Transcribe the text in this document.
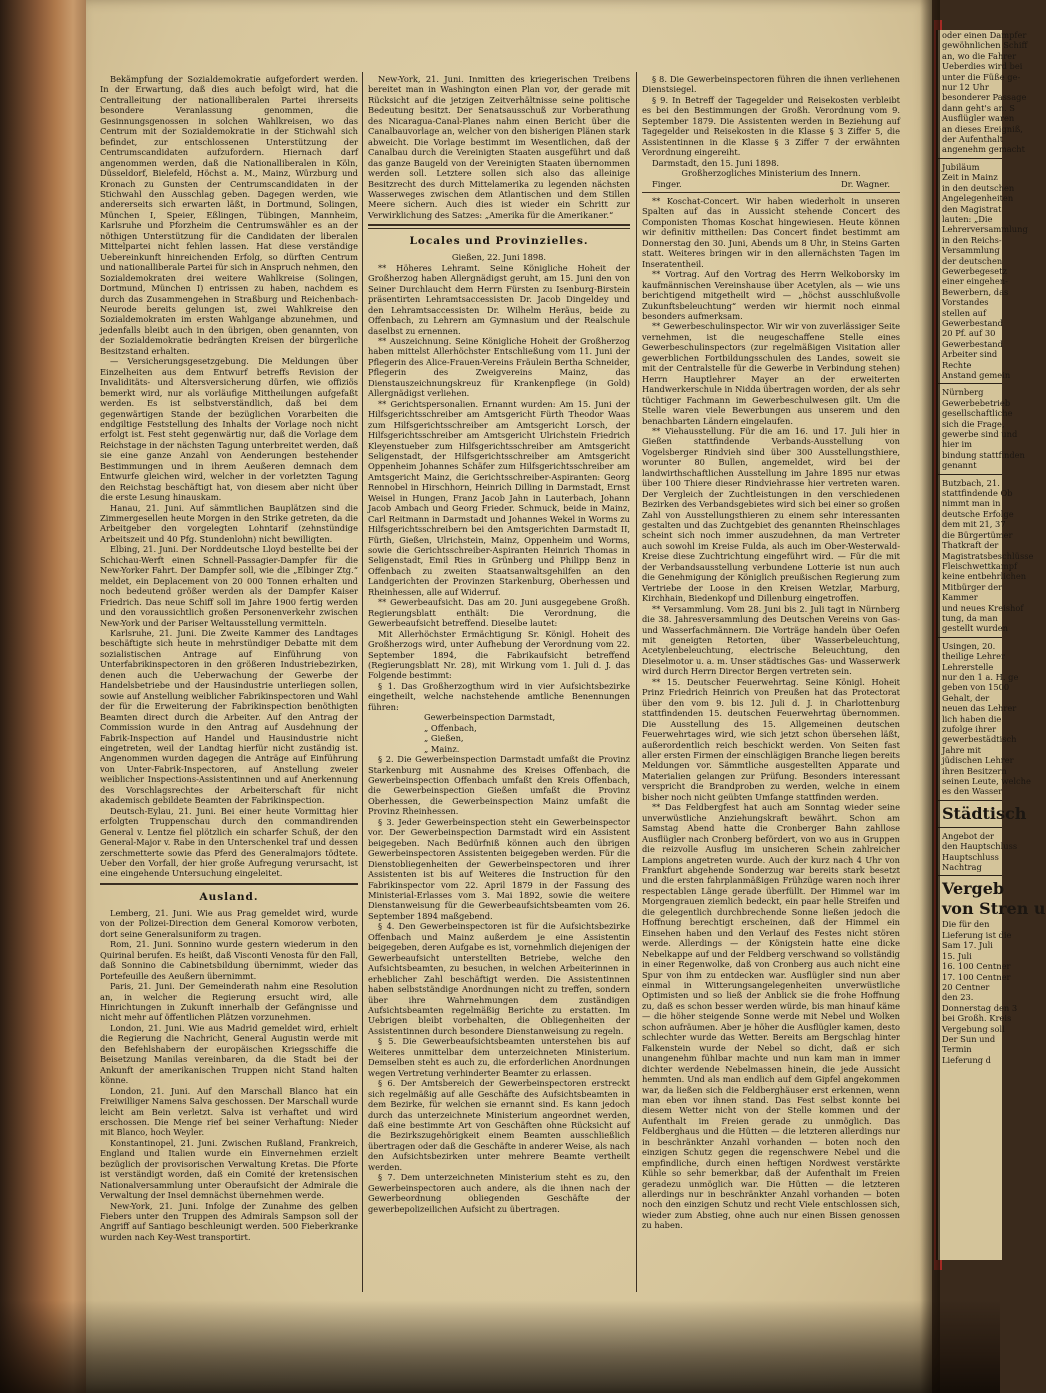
oder einen Dampfer
gewöhnlichen Schiff
an, wo die Fahrer
Ueberdies wird bei
unter die Füße ge-
nur 12 Uhr
besonderer Passage
dann geht's an. S
Ausflügler waren
an dieses Ereigniß,
der Aufenthalt
angenehm gemacht
Jubiläum
Zeit in Mainz
in den deutschen
Angelegenheiten
den Magistrat
lauten: „Die
Lehrerversammlung
in den Reichs-
Versammlung
der deutschen
Gewerbegesetz
einer eingehen-
Bewerbern, das
Vorstandes
stellen auf
Gewerbestand
20 Pf. auf 30
Gewerbestand
Arbeiter sind
Rechte
Anstand gemein
Nürnberg
Gewerbebetrieb
gesellschaftliche
sich die Frage,
gewerbe sind und
hier im
bindung stattfinden
genannt
Butzbach, 21.
stattfindende Ob
nimmt man in
deutsche Erfolge
dem mit 21, 37
die Bürgertümer
Thatkraft der
Magistratsbeschlüsse
Fleischwettkampf
keine entbehrlichen
Mitbürger der
Kammer
und neues Kreishof
tung, da man
gestellt wurden
Usingen, 20.
theilige Lehrer
Lehrerstelle
nur den 1 a. H. ge
geben von 1500
Gehalt, der
neuen das Lehrer
lich haben die
zufolge ihrer
gewerbestädtisch
Jahre mit
jüdischen Lehrer
ihren Besitzern
seinen Leute, welche
es den Wasser
Städtisch
Angebot der
den Hauptschluss
Hauptschluss
Nachtrag
Vergeb
von Stren u
Die für den
Lieferung ist die
Sam 17. Juli
15. Juli
16. 100 Centner
17. 100 Centner
20 Centner
den 23.
Donnerstag den 3
bei Großh. Kreis
Vergebung soll
Der Sun und
Termin
Lieferung d

Bekämpfung der Sozialdemokratie aufgefordert werden. In der Erwartung, daß dies auch befolgt wird, hat die Centralleitung der nationalliberalen Partei ihrerseits besondere Veranlassung genommen, die Gesinnungsgenossen in solchen Wahlkreisen, wo das Centrum mit der Sozialdemokratie in der Stichwahl sich befindet, zur entschlossenen Unterstützung der Centrumscandidaten aufzufordern. Hiernach darf angenommen werden, daß die Nationalliberalen in Köln, Düsseldorf, Bielefeld, Höchst a. M., Mainz, Würzburg und Kronach zu Gunsten der Centrumscandidaten in der Stichwahl den Ausschlag geben. Dagegen werden, wie andererseits sich erwarten läßt, in Dortmund, Solingen, München I, Speier, Eßlingen, Tübingen, Mannheim, Karlsruhe und Pforzheim die Centrumswähler es an der nöthigen Unterstützung für die Candidaten der liberalen Mittelpartei nicht fehlen lassen. Hat diese verständige Uebereinkunft hinreichenden Erfolg, so dürften Centrum und nationalliberale Partei für sich in Anspruch nehmen, den Sozialdemokraten drei weitere Wahlkreise (Solingen, Dortmund, München I) entrissen zu haben, nachdem es durch das Zusammengehen in Straßburg und Reichenbach-Neurode bereits gelungen ist, zwei Wahlkreise den Sozialdemokraten im ersten Wahlgange abzunehmen, und jedenfalls bleibt auch in den übrigen, oben genannten, von der Sozialdemokratie bedrängten Kreisen der bürgerliche Besitzstand erhalten.

— Versicherungsgesetzgebung. Die Meldungen über Einzelheiten aus dem Entwurf betreffs Revision der Invaliditäts- und Altersversicherung dürfen, wie offiziös bemerkt wird, nur als vorläufige Mittheilungen aufgefaßt werden. Es ist selbstverständlich, daß bei dem gegenwärtigen Stande der bezüglichen Vorarbeiten die endgiltige Feststellung des Inhalts der Vorlage noch nicht erfolgt ist. Fest steht gegenwärtig nur, daß die Vorlage dem Reichstage in der nächsten Tagung unterbreitet werden, daß sie eine ganze Anzahl von Aenderungen bestehender Bestimmungen und in ihrem Aeußeren demnach dem Entwurfe gleichen wird, welcher in der vorletzten Tagung den Reichstag beschäftigt hat, von diesem aber nicht über die erste Lesung hinauskam.

Hanau, 21. Juni. Auf sämmtlichen Bauplätzen sind die Zimmergesellen heute Morgen in den Strike getreten, da die Arbeitgeber den vorgelegten Lohntarif (zehnstündige Arbeitszeit und 40 Pfg. Stundenlohn) nicht bewilligten.

Elbing, 21. Juni. Der Norddeutsche Lloyd bestellte bei der Schichau-Werft einen Schnell-Passagier-Dampfer für die New-Yorker Fahrt. Der Dampfer soll, wie die „Elbinger Ztg.“ meldet, ein Deplacement von 20 000 Tonnen erhalten und noch bedeutend größer werden als der Dampfer Kaiser Friedrich. Das neue Schiff soll im Jahre 1900 fertig werden und den voraussichtlich großen Personenverkehr zwischen New-York und der Pariser Weltausstellung vermitteln.

Karlsruhe, 21. Juni. Die Zweite Kammer des Landtages beschäftigte sich heute in mehrstündiger Debatte mit dem sozialistischen Antrage auf Einführung von Unterfabrikinspectoren in den größeren Industriebezirken, denen auch die Ueberwachung der Gewerbe der Handelsbetriebe und der Hausindustrie unterliegen sollen, sowie auf Anstellung weiblicher Fabrikinspectoren und Wahl der für die Erweiterung der Fabrikinspection benöthigten Beamten direct durch die Arbeiter. Auf den Antrag der Commission wurde in den Antrag auf Ausdehnung der Fabrik-Inspection auf Handel und Hausindustrie nicht eingetreten, weil der Landtag hierfür nicht zuständig ist. Angenommen wurden dagegen die Anträge auf Einführung von Unter-Fabrik-Inspectoren, auf Anstellung zweier weiblicher Inspections-Assistentinnen und auf Anerkennung des Vorschlagsrechtes der Arbeiterschaft für nicht akademisch gebildete Beamten der Fabrikinspection.

Deutsch-Eylau, 21. Juni. Bei einer heute Vormittag hier erfolgten Truppenschau durch den commandirenden General v. Lentze fiel plötzlich ein scharfer Schuß, der den General-Major v. Rabe in den Unterschenkel traf und dessen zerschmetterte sowie das Pferd des Generalmajors tödtete. Ueber den Vorfall, der hier große Aufregung verursacht, ist eine eingehende Untersuchung eingeleitet.

Ausland.

Lemberg, 21. Juni. Wie aus Prag gemeldet wird, wurde von der Polizei-Direction dem General Komorow verboten, dort seine Generalsuniform zu tragen.

Rom, 21. Juni. Sonnino wurde gestern wiederum in den Quirinal berufen. Es heißt, daß Visconti Venosta für den Fall, daß Sonnino die Cabinetsbildung übernimmt, wieder das Portefeuille des Aeußern übernimmt.

Paris, 21. Juni. Der Gemeinderath nahm eine Resolution an, in welcher die Regierung ersucht wird, alle Hinrichtungen in Zukunft innerhalb der Gefängnisse und nicht mehr auf öffentlichen Plätzen vorzunehmen.

London, 21. Juni. Wie aus Madrid gemeldet wird, erhielt die Regierung die Nachricht, General Augustin werde mit den Befehlshabern der europäischen Kriegsschiffe die Beisetzung Manilas vereinbaren, da die Stadt bei der Ankunft der amerikanischen Truppen nicht Stand halten könne.

London, 21. Juni. Auf den Marschall Blanco hat ein Freiwilliger Namens Salva geschossen. Der Marschall wurde leicht am Bein verletzt. Salva ist verhaftet und wird erschossen. Die Menge rief bei seiner Verhaftung: Nieder mit Blanco, hoch Weyler.

Konstantinopel, 21. Juni. Zwischen Rußland, Frankreich, England und Italien wurde ein Einvernehmen erzielt bezüglich der provisorischen Verwaltung Kretas. Die Pforte ist verständigt worden, daß ein Comité der kretensischen Nationalversammlung unter Oberaufsicht der Admirale die Verwaltung der Insel demnächst übernehmen werde.

New-York, 21. Juni. Infolge der Zunahme des gelben Fiebers unter den Truppen des Admirals Sampson soll der Angriff auf Santiago beschleunigt werden. 500 Fieberkranke wurden nach Key-West transportirt.

New-York, 21. Juni. Inmitten des kriegerischen Treibens bereitet man in Washington einen Plan vor, der gerade mit Rücksicht auf die jetzigen Zeitverhältnisse seine politische Bedeutung besitzt. Der Senatsausschuß zur Vorberathung des Nicaragua-Canal-Planes nahm einen Bericht über die Canalbauvorlage an, welcher von den bisherigen Plänen stark abweicht. Die Vorlage bestimmt im Wesentlichen, daß der Canalbau durch die Vereinigten Staaten ausgeführt und daß das ganze Baugeld von der Vereinigten Staaten übernommen werden soll. Letztere sollen sich also das alleinige Besitzrecht des durch Mittelamerika zu legenden nächsten Wasserweges zwischen dem Atlantischen und dem Stillen Meere sichern. Auch dies ist wieder ein Schritt zur Verwirklichung des Satzes: „Amerika für die Amerikaner.“

Locales und Provinzielles.

Gießen, 22. Juni 1898.

** Höheres Lehramt. Seine Königliche Hoheit der Großherzog haben Allergnädigst geruht, am 15. Juni den von Seiner Durchlaucht dem Herrn Fürsten zu Isenburg-Birstein präsentirten Lehramtsaccessisten Dr. Jacob Dingeldey und den Lehramtsaccessisten Dr. Wilhelm Heräus, beide zu Offenbach, zu Lehrern am Gymnasium und der Realschule daselbst zu ernennen.

** Auszeichnung. Seine Königliche Hoheit der Großherzog haben mittelst Allerhöchster Entschließung vom 11. Juni der Pflegerin des Alice-Frauen-Vereins Fräulein Bertha Schneider, Pflegerin des Zweigvereins Mainz, das Dienstauszeichnungskreuz für Krankenpflege (in Gold) Allergnädigst verliehen.

** Gerichtspersonalien. Ernannt wurden: Am 15. Juni der Hilfsgerichtsschreiber am Amtsgericht Fürth Theodor Waas zum Hilfsgerichtsschreiber am Amtsgericht Lorsch, der Hilfsgerichtsschreiber am Amtsgericht Ulrichstein Friedrich Kleyenstueber zum Hilfsgerichtsschreiber am Amtsgericht Seligenstadt, der Hilfsgerichtsschreiber am Amtsgericht Oppenheim Johannes Schäfer zum Hilfsgerichtsschreiber am Amtsgericht Mainz, die Gerichtsschreiber-Aspiranten: Georg Rennobel in Hirschhorn, Heinrich Dilling in Darmstadt, Ernst Weisel in Hungen, Franz Jacob Jahn in Lauterbach, Johann Jacob Ambach und Georg Frieder. Schmuck, beide in Mainz, Carl Reitmann in Darmstadt und Johannes Wekel in Worms zu Hilfsgerichtsschreibern bei den Amtsgerichten Darmstadt II, Fürth, Gießen, Ulrichstein, Mainz, Oppenheim und Worms, sowie die Gerichtsschreiber-Aspiranten Heinrich Thomas in Seligenstadt, Emil Ries in Grünberg und Philipp Benz in Offenbach zu zweiten Staatsanwaltsgehilfen an den Landgerichten der Provinzen Starkenburg, Oberhessen und Rheinhessen, alle auf Widerruf.

** Gewerbeaufsicht. Das am 20. Juni ausgegebene Großh. Regierungsblatt enthält: Die Verordnung, die Gewerbeaufsicht betreffend. Dieselbe lautet:

Mit Allerhöchster Ermächtigung Sr. Königl. Hoheit des Großherzogs wird, unter Aufhebung der Verordnung vom 22. September 1894, die Fabrikaufsicht betreffend (Regierungsblatt Nr. 28), mit Wirkung vom 1. Juli d. J. das Folgende bestimmt:

§ 1. Das Großherzogthum wird in vier Aufsichtsbezirke eingetheilt, welche nachstehende amtliche Benennungen führen:

Gewerbeinspection Darmstadt,

„ Offenbach,

„ Gießen,

„ Mainz.

§ 2. Die Gewerbeinspection Darmstadt umfaßt die Provinz Starkenburg mit Ausnahme des Kreises Offenbach, die Gewerbeinspection Offenbach umfaßt den Kreis Offenbach, die Gewerbeinspection Gießen umfaßt die Provinz Oberhessen, die Gewerbeinspection Mainz umfaßt die Provinz Rheinhessen.

§ 3. Jeder Gewerbeinspection steht ein Gewerbeinspector vor. Der Gewerbeinspection Darmstadt wird ein Assistent beigegeben. Nach Bedürfniß können auch den übrigen Gewerbeinspectoren Assistenten beigegeben werden. Für die Dienstobliegenheiten der Gewerbeinspectoren und ihrer Assistenten ist bis auf Weiteres die Instruction für den Fabrikinspector vom 22. April 1879 in der Fassung des Ministerial-Erlasses vom 3. Mai 1892, sowie die weitere Dienstanweisung für die Gewerbeaufsichtsbeamten vom 26. September 1894 maßgebend.

§ 4. Den Gewerbeinspectoren ist für die Aufsichtsbezirke Offenbach und Mainz außerdem je eine Assistentin beigegeben, deren Aufgabe es ist, vornehmlich diejenigen der Gewerbeaufsicht unterstellten Betriebe, welche den Aufsichtsbeamten, zu besuchen, in welchen Arbeiterinnen in erheblicher Zahl beschäftigt werden. Die Assistentinnen haben selbstständige Anordnungen nicht zu treffen, sondern über ihre Wahrnehmungen dem zuständigen Aufsichtsbeamten regelmäßig Berichte zu erstatten. Im Uebrigen bleibt vorbehalten, die Obliegenheiten der Assistentinnen durch besondere Dienstanweisung zu regeln.

§ 5. Die Gewerbeaufsichtsbeamten unterstehen bis auf Weiteres unmittelbar dem unterzeichneten Ministerium. Demselben steht es auch zu, die erforderlichen Anordnungen wegen Vertretung verhinderter Beamter zu erlassen.

§ 6. Der Amtsbereich der Gewerbeinspectoren erstreckt sich regelmäßig auf alle Geschäfte des Aufsichtsbeamten in dem Bezirke, für welchen sie ernannt sind. Es kann jedoch durch das unterzeichnete Ministerium angeordnet werden, daß eine bestimmte Art von Geschäften ohne Rücksicht auf die Bezirkszugehörigkeit einem Beamten ausschließlich übertragen oder daß die Geschäfte in anderer Weise, als nach den Aufsichtsbezirken unter mehrere Beamte vertheilt werden.

§ 7. Dem unterzeichneten Ministerium steht es zu, den Gewerbeinspectoren auch andere, als die ihnen nach der Gewerbeordnung obliegenden Geschäfte der gewerbepolizeilichen Aufsicht zu übertragen.

§ 8. Die Gewerbeinspectoren führen die ihnen verliehenen Dienstsiegel.

§ 9. In Betreff der Tagegelder und Reisekosten verbleibt es bei den Bestimmungen der Großh. Verordnung vom 9. September 1879. Die Assistenten werden in Beziehung auf Tagegelder und Reisekosten in die Klasse § 3 Ziffer 5, die Assistentinnen in die Klasse § 3 Ziffer 7 der erwähnten Verordnung eingereiht.

Darmstadt, den 15. Juni 1898.

Großherzogliches Ministerium des Innern.

Finger.	Dr. Wagner.

** Koschat-Concert. Wir haben wiederholt in unseren Spalten auf das in Aussicht stehende Concert des Componisten Thomas Koschat hingewiesen. Heute können wir definitiv mittheilen: Das Concert findet bestimmt am Donnerstag den 30. Juni, Abends um 8 Uhr, in Steins Garten statt. Weiteres bringen wir in den allernächsten Tagen im Inseratentheil.

** Vortrag. Auf den Vortrag des Herrn Welkoborsky im kaufmännischen Vereinshause über Acetylen, als — wie uns berichtigend mitgetheilt wird — „höchst ausschlußvolle Zukunftsbeleuchtung“ werden wir hiermit noch einmal besonders aufmerksam.

** Gewerbeschulinspector. Wir wir von zuverlässiger Seite vernehmen, ist die neugeschaffene Stelle eines Gewerbeschulinspectors (zur regelmäßigen Visitation aller gewerblichen Fortbildungsschulen des Landes, soweit sie mit der Centralstelle für die Gewerbe in Verbindung stehen) Herrn Hauptlehrer Mayer an der erweiterten Handwerkerschule in Nidda übertragen worden, der als sehr tüchtiger Fachmann im Gewerbeschulwesen gilt. Um die Stelle waren viele Bewerbungen aus unserem und den benachbarten Ländern eingelaufen.

** Viehausstellung. Für die am 16. und 17. Juli hier in Gießen stattfindende Verbands-Ausstellung von Vogelsberger Rindvieh sind über 300 Ausstellungsthiere, worunter 80 Bullen, angemeldet, wird bei der landwirthschaftlichen Ausstellung im Jahre 1895 nur etwas über 100 Thiere dieser Rindviehrasse hier vertreten waren. Der Vergleich der Zuchtleistungen in den verschiedenen Bezirken des Verbandsgebietes wird sich bei einer so großen Zahl von Ausstellungsthieren zu einem sehr interessanten gestalten und das Zuchtgebiet des genannten Rheinschlages scheint sich noch immer auszudehnen, da man Vertreter auch sowohl im Kreise Fulda, als auch im Ober-Westerwald-Kreise diese Zuchtrichtung eingeführt wird. — Für die mit der Verbandsausstellung verbundene Lotterie ist nun auch die Genehmigung der Königlich preußischen Regierung zum Vertriebe der Loose in den Kreisen Wetzlar, Marburg, Kirchhain, Biedenkopf und Dillenburg eingetroffen.

** Versammlung. Vom 28. Juni bis 2. Juli tagt in Nürnberg die 38. Jahresversammlung des Deutschen Vereins von Gas- und Wasserfachmännern. Die Vorträge handeln über Oefen mit geneigten Retorten, über Wasserbeleuchtung, Acetylenbeleuchtung, electrische Beleuchtung, den Dieselmotor u. a. m. Unser städtisches Gas- und Wasserwerk wird durch Herrn Director Bergen vertreten sein.

** 15. Deutscher Feuerwehrtag. Seine Königl. Hoheit Prinz Friedrich Heinrich von Preußen hat das Protectorat über den vom 9. bis 12. Juli d. J. in Charlottenburg stattfindenden 15. deutschen Feuerwehrtag übernommen. Die Ausstellung des 15. Allgemeinen deutschen Feuerwehrtages wird, wie sich jetzt schon übersehen läßt, außerordentlich reich beschickt werden. Von Seiten fast aller ersten Firmen der einschlägigen Branche liegen bereits Meldungen vor. Sämmtliche ausgestellten Apparate und Materialien gelangen zur Prüfung. Besonders interessant verspricht die Brandproben zu werden, welche in einem bisher noch nicht geübten Umfange stattfinden werden.

** Das Feldbergfest hat auch am Sonntag wieder seine unverwüstliche Anziehungskraft bewährt. Schon am Samstag Abend hatte die Cronberger Bahn zahllose Ausflügler nach Cronberg befördert, von wo aus in Gruppen die reizvolle Ausflug im unsicheren Schein zahlreicher Lampions angetreten wurde. Auch der kurz nach 4 Uhr von Frankfurt abgehende Sonderzug war bereits stark besetzt und die ersten fahrplanmäßigen Frühzüge waren noch ihrer respectablen Länge gerade überfüllt. Der Himmel war im Morgengrauen ziemlich bedeckt, ein paar helle Streifen und die gelegentlich durchbrechende Sonne ließen jedoch die Hoffnung berechtigt erscheinen, daß der Himmel ein Einsehen haben und den Verlauf des Festes nicht stören werde. Allerdings — der Königstein hatte eine dicke Nebelkappe auf und der Feldberg verschwand so vollständig in einer Regenwolke, daß von Cronberg aus auch nicht eine Spur von ihm zu entdecken war. Ausflügler sind nun aber einmal in Witterungsangelegenheiten unverwüstliche Optimisten und so ließ der Anblick sie die frohe Hoffnung zu, daß es schon besser werden würde, bis man hinauf käme — die höher steigende Sonne werde mit Nebel und Wolken schon aufräumen. Aber je höher die Ausflügler kamen, desto schlechter wurde das Wetter. Bereits am Bergschlag hinter Falkenstein wurde der Nebel so dicht, daß er sich unangenehm fühlbar machte und nun kam man in immer dichter werdende Nebelmassen hinein, die jede Aussicht hemmten. Und als man endlich auf dem Gipfel angekommen war, da ließen sich die Feldberghäuser erst erkennen, wenn man eben vor ihnen stand. Das Fest selbst konnte bei diesem Wetter nicht von der Stelle kommen und der Aufenthalt im Freien gerade zu unmöglich. Das Feldberghaus und die Hütten — die letzteren allerdings nur in beschränkter Anzahl vorhanden — boten noch den einzigen Schutz gegen die regenschwere Nebel und die empfindliche, durch einen heftigen Nordwest verstärkte Kühle so sehr bemerkbar, daß der Aufenthalt im Freien geradezu unmöglich war. Die Hütten — die letzteren allerdings nur in beschränkter Anzahl vorhanden — boten noch den einzigen Schutz und recht Viele entschlossen sich, wieder zum Abstieg, ohne auch nur einen Bissen genossen zu haben.
